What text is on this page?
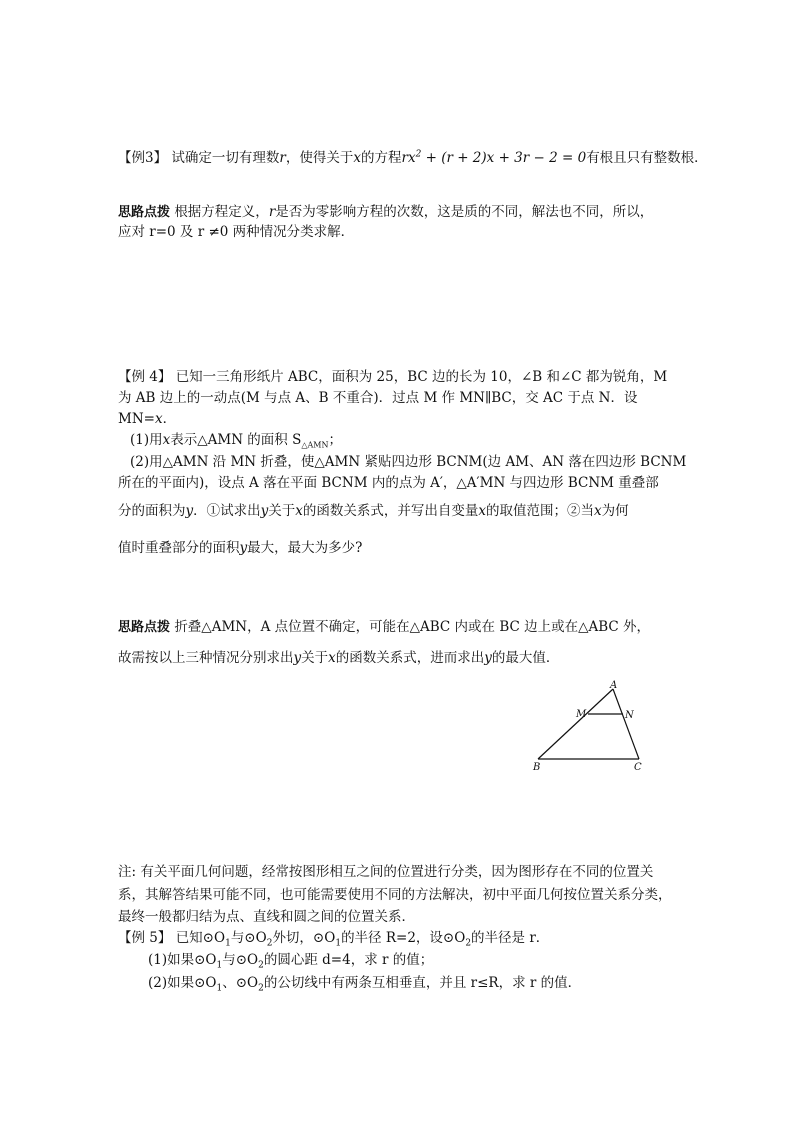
【例3】 试确定一切有理数r，使得关于x的方程$rx^2 + (r + 2)x + 3r - 2 = 0$有根且只有整数根．
思路点拨 根据方程定义，r是否为零影响方程的次数，这是质的不同，解法也不同，所以，
应对 r=0 及 r ≠0 两种情况分类求解．
【例 4】 已知一三角形纸片 ABC，面积为 25，BC 边的长为 10，∠B 和∠C 都为锐角，M
为 AB 边上的一动点(M 与点 A、B 不重合)．过点 M 作 MN∥BC，交 AC 于点 N．设
MN=x．
(1)用x表示△AMN 的面积 $S_{\triangle AMN}$；
(2)用△AMN 沿 MN 折叠，使△AMN 紧贴四边形 BCNM(边 AM、AN 落在四边形 BCNM
所在的平面内)，设点 A 落在平面 BCNM 内的点为 A′，△A′MN 与四边形 BCNM 重叠部
分的面积为y．①试求出y关于x的函数关系式，并写出自变量x的取值范围；②当x为何
值时重叠部分的面积y最大，最大为多少?
思路点拨 折叠△AMN，A 点位置不确定，可能在△ABC 内或在 BC 边上或在△ABC 外，
故需按以上三种情况分别求出y关于x的函数关系式，进而求出y的最大值．
A
M	N
B	C
注: 有关平面几何问题，经常按图形相互之间的位置进行分类，因为图形存在不同的位置关
系，其解答结果可能不同，也可能需要使用不同的方法解决，初中平面几何按位置关系分类，
最终一般都归结为点、直线和圆之间的位置关系．
【例 5】 已知$⊙O_1$与$⊙O_2$外切，$⊙O_1$的半径 R=2，设$⊙O_2$的半径是 r．
(1)如果$⊙O_1$与$⊙O_2$的圆心距 d=4，求 r 的值；
(2)如果$⊙O_1$、$⊙O_2$的公切线中有两条互相垂直，并且 r≤R，求 r 的值．
